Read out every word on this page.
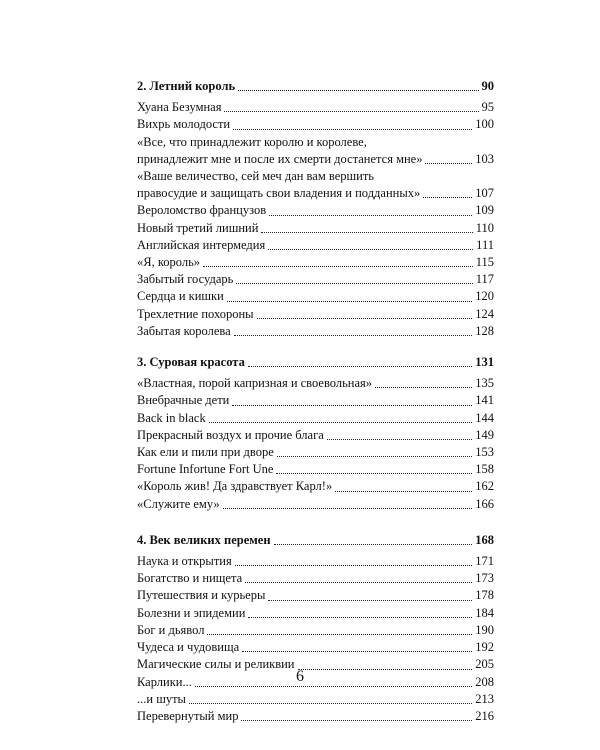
2. Летний король	90
Хуана Безумная	95
Вихрь молодости	100
«Все, что принадлежит королю и королеве,
принадлежит мне и после их смерти достанется мне»	103
«Ваше величество, сей меч дан вам вершить
правосудие и защищать свои владения и подданных»	107
Вероломство французов	109
Новый третий лишний	110
Английская интермедия	111
«Я, король»	115
Забытый государь	117
Сердца и кишки	120
Трехлетние похороны	124
Забытая королева	128
3. Суровая красота	131
«Властная, порой капризная и своевольная»	135
Внебрачные дети	141
Back in black	144
Прекрасный воздух и прочие блага	149
Как ели и пили при дворе	153
Fortune Infortune Fort Une	158
«Король жив! Да здравствует Карл!»	162
«Служите ему»	166
4. Век великих перемен	168
Наука и открытия	171
Богатство и нищета	173
Путешествия и курьеры	178
Болезни и эпидемии	184
Бог и дьявол	190
Чудеса и чудовища	192
Магические силы и реликвии	205
Карлики...	208
...и шуты	213
Перевернутый мир	216
6
